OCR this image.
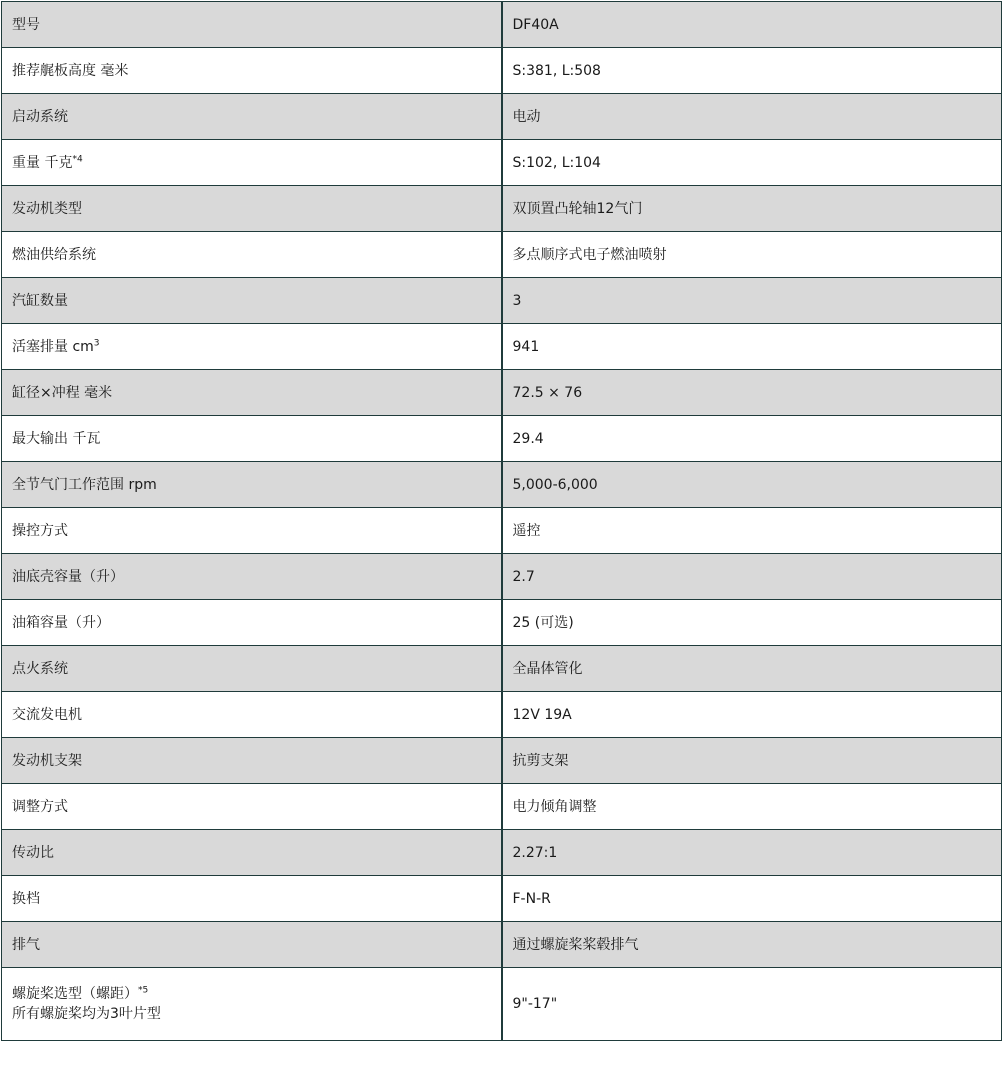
型号	DF40A

推荐艉板高度 毫米	S:381, L:508

启动系统	电动

重量 千克$^{*4}$	S:102, L:104

发动机类型	双顶置凸轮轴12气门

燃油供给系统	多点顺序式电子燃油喷射

汽缸数量	3

活塞排量 $cm^3$	941

缸径×冲程 毫米	72.5 × 76

最大输出 千瓦	29.4

全节气门工作范围 rpm	5,000-6,000

操控方式	遥控

油底壳容量（升）	2.7

油箱容量（升）	25 (可选)

点火系统	全晶体管化

交流发电机	12V 19A

发动机支架	抗剪支架

调整方式	电力倾角调整

传动比	2.27:1

换档	F-N-R

排气	通过螺旋桨桨毂排气

螺旋桨选型（螺距）$^{*5}$
所有螺旋桨均为3叶片型	9"-17"
